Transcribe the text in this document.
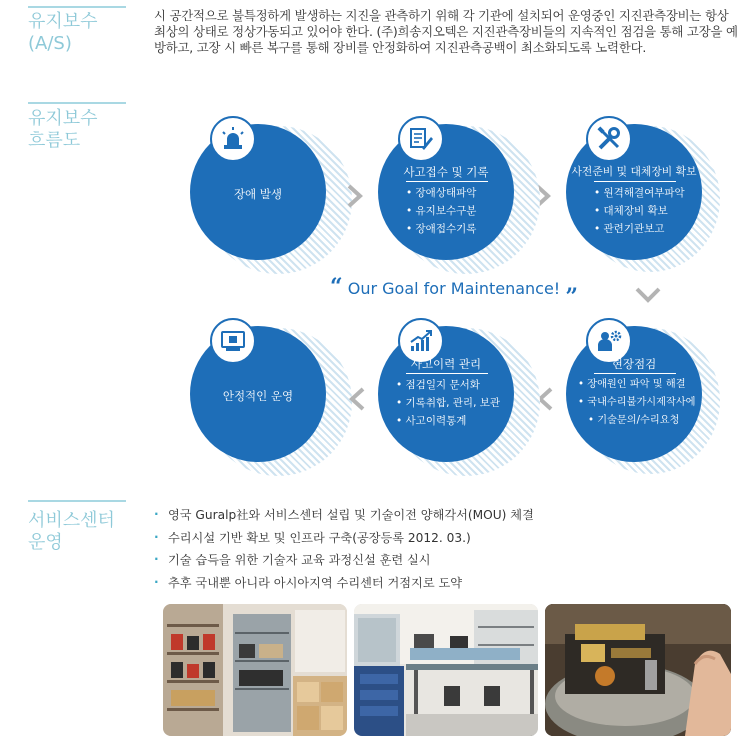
유지보수
(A/S)
시 공간적으로 불특정하게 발생하는 지진을 관측하기 위해 각 기관에 설치되어 운영중인 지진관측장비는 항상 최상의 상태로 정상가동되고 있어야 한다. (주)희송지오텍은 지진관측장비들의 지속적인 점검을 통해 고장을 예방하고, 고장 시 빠른 복구를 통해 장비를 안정화하여 지진관측공백이 최소화되도록 노력한다.
유지보수
흐름도
장애 발생
사고접수 및 기록
• 장애상태파악
• 유지보수구분
• 장애접수기록
사전준비 및 대체장비 확보
• 원격해결여부파악
• 대체장비 확보
• 관련기관보고
“ Our Goal for Maintenance! ”
안정적인 운영
사고이력 관리
• 점검일지 문서화
• 기록취합, 관리, 보관
• 사고이력통계
현장점검
• 장애원인 파악 및 해결
• 국내수리불가시제작사에
• 기술문의/수리요청
서비스센터
운영
· 영국 Guralp社와 서비스센터 설립 및 기술이전 양해각서(MOU) 체결
· 수리시설 기반 확보 및 인프라 구축(공장등록 2012. 03.)
· 기술 습득을 위한 기술자 교육 과정신설 훈련 실시
· 추후 국내뿐 아니라 아시아지역 수리센터 거점지로 도약
